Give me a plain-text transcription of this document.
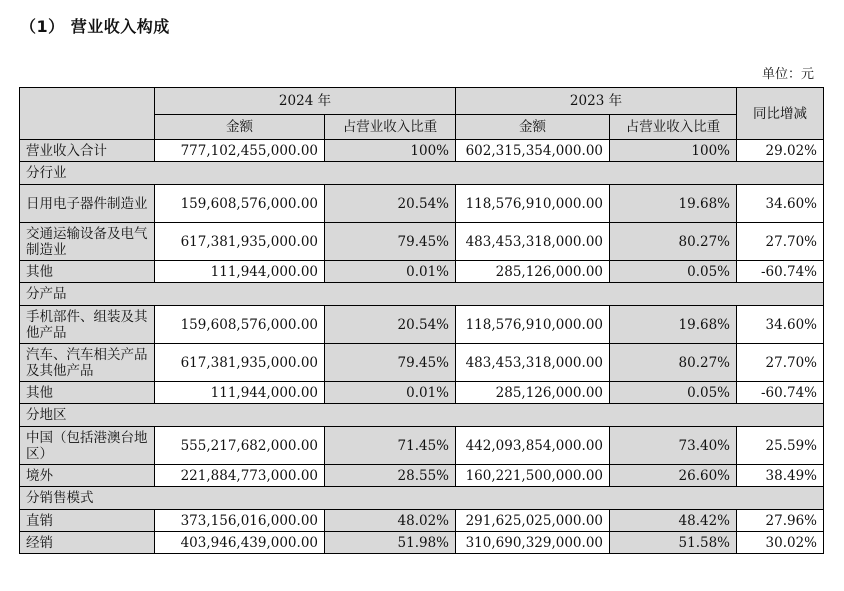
（1） 营业收入构成
单位：元
	2024 年		2023 年		同比增减
	金额	占营业收入比重	金额	占营业收入比重	
营业收入合计	777,102,455,000.00	100%	602,315,354,000.00	100%	29.02%
分行业					
日用电子器件制造业	159,608,576,000.00	20.54%	118,576,910,000.00	19.68%	34.60%
交通运输设备及电气制造业	617,381,935,000.00	79.45%	483,453,318,000.00	80.27%	27.70%
其他	111,944,000.00	0.01%	285,126,000.00	0.05%	-60.74%
分产品					
手机部件、组装及其他产品	159,608,576,000.00	20.54%	118,576,910,000.00	19.68%	34.60%
汽车、汽车相关产品及其他产品	617,381,935,000.00	79.45%	483,453,318,000.00	80.27%	27.70%
其他	111,944,000.00	0.01%	285,126,000.00	0.05%	-60.74%
分地区					
中国（包括港澳台地区）	555,217,682,000.00	71.45%	442,093,854,000.00	73.40%	25.59%
境外	221,884,773,000.00	28.55%	160,221,500,000.00	26.60%	38.49%
分销售模式					
直销	373,156,016,000.00	48.02%	291,625,025,000.00	48.42%	27.96%
经销	403,946,439,000.00	51.98%	310,690,329,000.00	51.58%	30.02%
